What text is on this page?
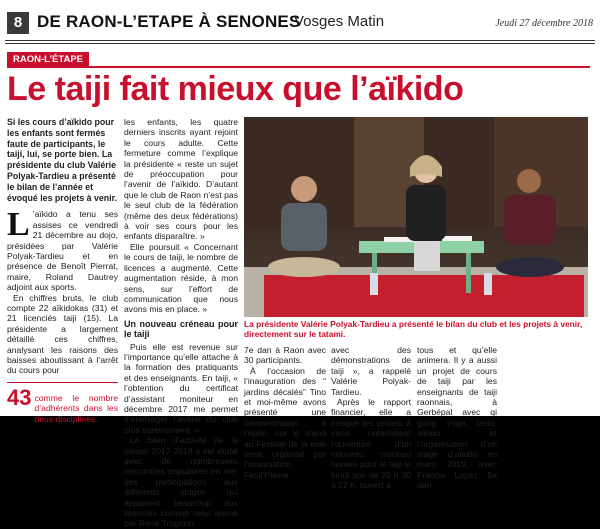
8 DE RAON-L’ETAPE À SENONES
Vosges Matin	Jeudi 27 décembre 2018
RAON-L’ÉTAPE
Le taiji fait mieux que l’aïkido
Si les cours d’aïkido pour les enfants sont fermés faute de participants, le taiji, lui, se porte bien. La présidente du club Valérie Polyak-Tardieu a présenté le bilan de l’année et évoqué les projets à venir.

L ’aïkido a tenu ses assises ce vendredi 21 décembre au dojo, présidées par Valérie Polyak-Tardieu et en présence de Benoît Pierrat, maire, Roland Dautrey adjoint aux sports.

En chiffres bruts, le club compte 22 aïkidokas (31) et 21 licenciés taiji (15). La présidente a largement détaillé ces chiffres, analysant les raisons des baisses aboutissant à l’arrêt du cours pour

43 comme le nombre d’adhérents dans les deux disciplines.

les enfants, les quatre derniers inscrits ayant rejoint le cours adulte. Cette fermeture comme l’explique la présidente « reste un sujet de préoccupation pour l’avenir de l’aïkido. D’autant que le club de Raon n’est pas le seul club de la fédération (même des deux fédérations) à voir ses cours pour les enfants disparaître. »

Elle poursuit « Concernant le cours de taiji, le nombre de licences a augmenté. Cette augmentation réside, à mon sens, sur l’effort de communication que nous avons mis en place. »

Un nouveau créneau pour le taiji

Puis elle est revenue sur l’importance qu’elle attache à la formation des pratiquants et des enseignants. En taiji, « l’obtention du certificat d’assistant moniteur en décembre 2017 me permet d’envisager l’avenir du club plus sereinement. »

Le bilan d’activité de la saison 2017-2018 a été établi avec de nombreuses rencontres populaires en été, des participations aux différents stages qui apportent beaucoup aux licenciés comme celui animé par René Trognon,

La présidente Valérie Polyak-Tardieu a présenté le bilan du club et les projets à venir, directement sur le tatami.

7e dan à Raon avec 30 participants.

À l’occasion de l’inauguration des “ jardins décalés” Tino et moi-même avons présenté une démonstration à l’épée, sur le stand au Festival de la voie verte organisé par l’association Festi’Plaine

avec des démonstrations de taiji », a rappelé Valérie Polyak-Tardieu.

Après le rapport financier, elle a évoqué les projets à venir, notamment l’ouverture d’un nouveau créneau horaire pour le taiji le lundi soir de 20 h 30 à 22 h, ouvert à

tous et qu’elle animera. Il y a aussi un projet de cours de taiji par les enseignants de taiji raonnais, à Gerbépal avec qi gong, yoga, laido, aïkido et l’organisation d’un stage d’aïkido en mars 2019, avec Francis Lopez 5e dan.
